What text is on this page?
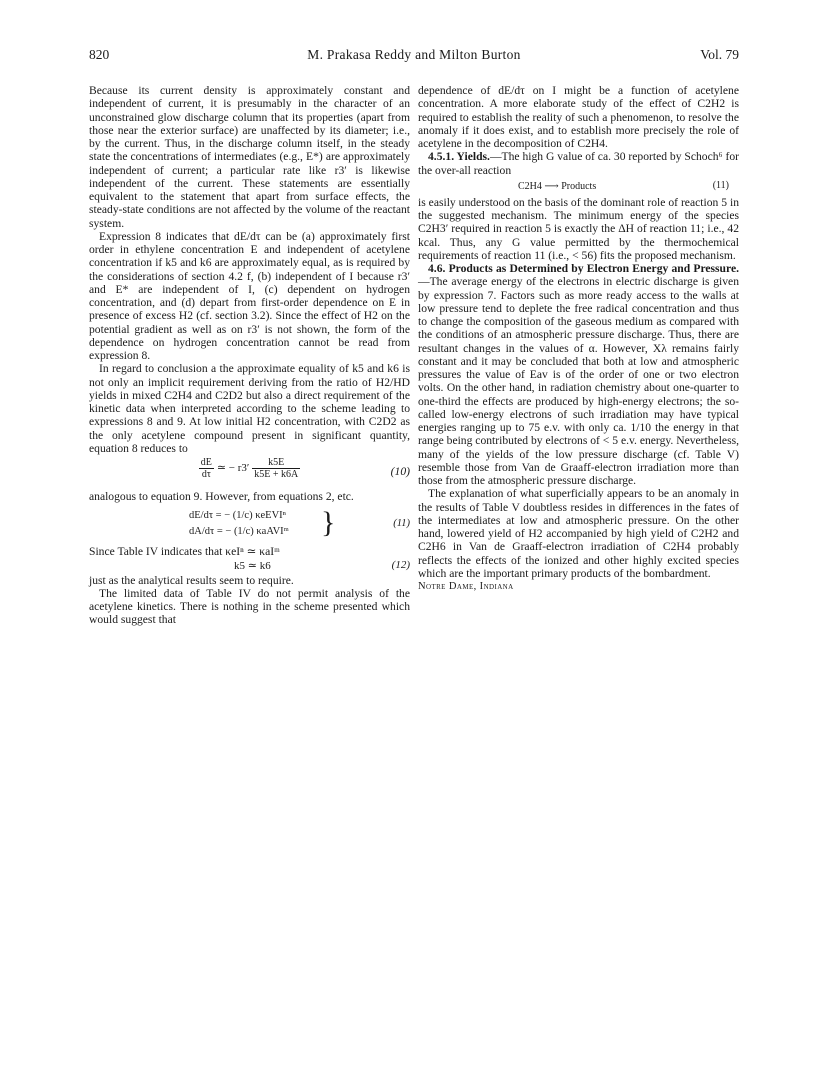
820	M. Prakasa Reddy and Milton Burton	Vol. 79

Because its current density is approximately constant and independent of current, it is presumably in the character of an unconstrained glow discharge column that its properties (apart from those near the exterior surface) are unaffected by its diameter; i.e., by the current. Thus, in the discharge column itself, in the steady state the concentrations of intermediates (e.g., E*) are approximately independent of current; a particular rate like r3′ is likewise independent of the current. These statements are essentially equivalent to the statement that apart from surface effects, the steady-state conditions are not affected by the volume of the reactant system.

Expression 8 indicates that dE/dτ can be (a) approximately first order in ethylene concentration E and independent of acetylene concentration if k5 and k6 are approximately equal, as is required by the considerations of section 4.2 f, (b) independent of I because r3′ and E* are independent of I, (c) dependent on hydrogen concentration, and (d) depart from first-order dependence on E in presence of excess H2 (cf. section 3.2). Since the effect of H2 on the potential gradient as well as on r3′ is not shown, the form of the dependence on hydrogen concentration cannot be read from expression 8.

In regard to conclusion a the approximate equality of k5 and k6 is not only an implicit requirement deriving from the ratio of H2/HD yields in mixed C2H4 and C2D2 but also a direct requirement of the kinetic data when interpreted according to the scheme leading to expressions 8 and 9. At low initial H2 concentration, with C2D2 as the only acetylene compound present in significant quantity, equation 8 reduces to

$\frac{dE}{d\tau}$ ≃ − $r3' \frac{k5E}{k5E + k6A}$	(10)

analogous to equation 9. However, from equations 2, etc.

dE/dτ = − (1/c) κeEVIⁿ
dA/dτ = − (1/c) κaAVIᵐ }	(11)

Since Table IV indicates that κeIⁿ ≃ κaIᵐ

k5 ≃ k6	(12)

just as the analytical results seem to require.

The limited data of Table IV do not permit analysis of the acetylene kinetics. There is nothing in the scheme presented which would suggest that

dependence of dE/dτ on I might be a function of acetylene concentration. A more elaborate study of the effect of C2H2 is required to establish the reality of such a phenomenon, to resolve the anomaly if it does exist, and to establish more precisely the role of acetylene in the decomposition of C2H4.

4.5.1. Yields.—The high G value of ca. 30 reported by Schoch⁶ for the over-all reaction

C2H4 ⟶ Products	(11)

is easily understood on the basis of the dominant role of reaction 5 in the suggested mechanism. The minimum energy of the species C2H3′ required in reaction 5 is exactly the ΔH of reaction 11; i.e., 42 kcal. Thus, any G value permitted by the thermochemical requirements of reaction 11 (i.e., < 56) fits the proposed mechanism.

4.6. Products as Determined by Electron Energy and Pressure.—The average energy of the electrons in electric discharge is given by expression 7. Factors such as more ready access to the walls at low pressure tend to deplete the free radical concentration and thus to change the composition of the gaseous medium as compared with the conditions of an atmospheric pressure discharge. Thus, there are resultant changes in the values of α. However, Xλ remains fairly constant and it may be concluded that both at low and atmospheric pressures the value of Eav is of the order of one or two electron volts. On the other hand, in radiation chemistry about one-quarter to one-third the effects are produced by high-energy electrons; the so-called low-energy electrons of such irradiation may have typical energies ranging up to 75 e.v. with only ca. 1/10 the energy in that range being contributed by electrons of < 5 e.v. energy. Nevertheless, many of the yields of the low pressure discharge (cf. Table V) resemble those from Van de Graaff-electron irradiation more than those from the atmospheric pressure discharge.

The explanation of what superficially appears to be an anomaly in the results of Table V doubtless resides in differences in the fates of the intermediates at low and atmospheric pressure. On the other hand, lowered yield of H2 accompanied by high yield of C2H2 and C2H6 in Van de Graaff-electron irradiation of C2H4 probably reflects the effects of the ionized and other highly excited species which are the important primary products of the bombardment.

Notre Dame, Indiana
